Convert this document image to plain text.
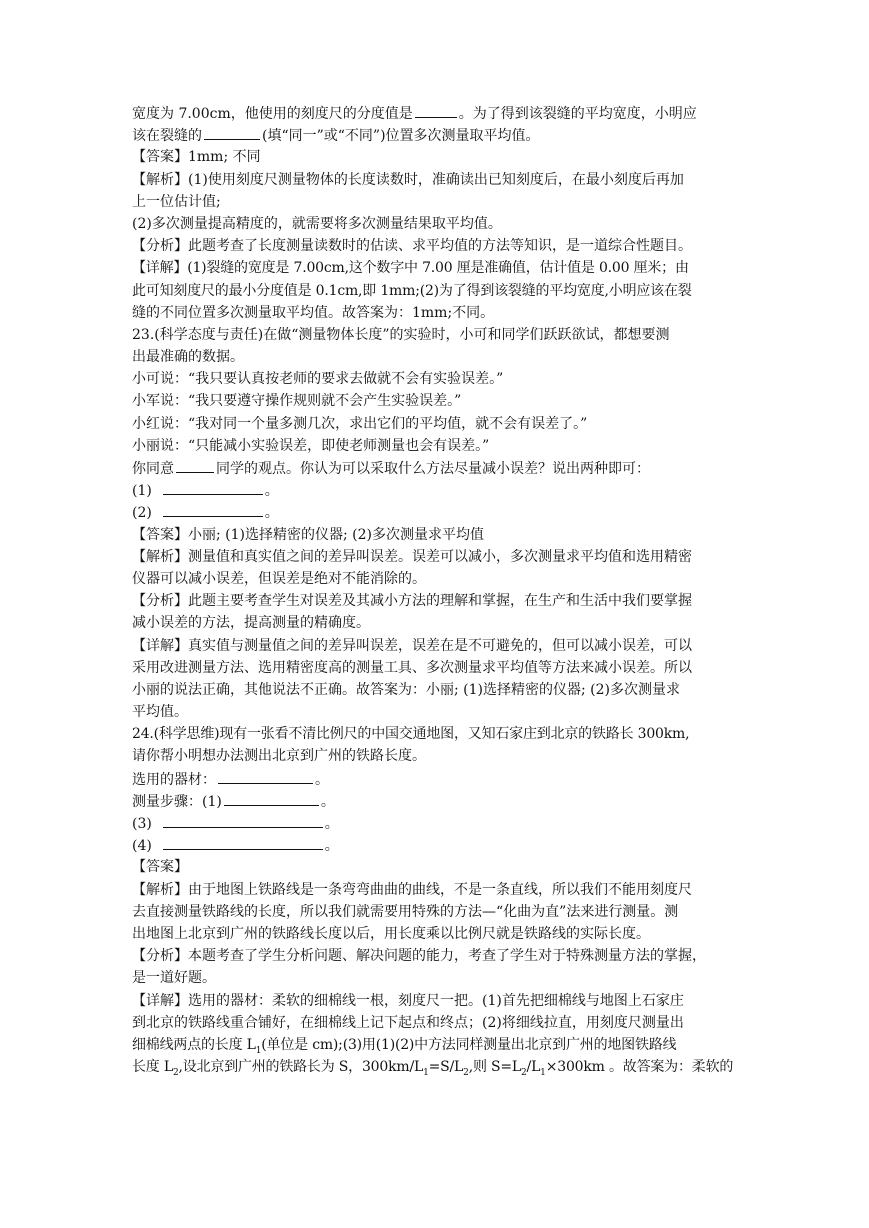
宽度为 7.00cm，他使用的刻度尺的分度值是	。为了得到该裂缝的平均宽度，小明应
该在裂缝的	(填“同一”或“不同”)位置多次测量取平均值。
【答案】1mm; 不同
【解析】(1)使用刻度尺测量物体的长度读数时，准确读出已知刻度后，在最小刻度后再加
上一位估计值;
(2)多次测量提高精度的，就需要将多次测量结果取平均值。
【分析】此题考查了长度测量读数时的估读、求平均值的方法等知识，是一道综合性题目。
【详解】(1)裂缝的宽度是 7.00cm,这个数字中 7.00 厘是准确值，估计值是 0.00 厘米；由
此可知刻度尺的最小分度值是 0.1cm,即 1mm;(2)为了得到该裂缝的平均宽度,小明应该在裂
缝的不同位置多次测量取平均值。故答案为：1mm;不同。
23.(科学态度与责任)在做“测量物体长度”的实验时，小可和同学们跃跃欲试，都想要测
出最准确的数据。
小可说：“我只要认真按老师的要求去做就不会有实验误差。”
小军说：“我只要遵守操作规则就不会产生实验误差。”
小红说：“我对同一个量多测几次，求出它们的平均值，就不会有误差了。”
小丽说：“只能减小实验误差，即使老师测量也会有误差。”
你同意	同学的观点。你认为可以采取什么方法尽量减小误差？说出两种即可：
(1)	。
(2)	。
【答案】小丽; (1)选择精密的仪器; (2)多次测量求平均值
【解析】测量值和真实值之间的差异叫误差。误差可以减小，多次测量求平均值和选用精密
仪器可以减小误差，但误差是绝对不能消除的。
【分析】此题主要考查学生对误差及其减小方法的理解和掌握，在生产和生活中我们要掌握
减小误差的方法，提高测量的精确度。
【详解】真实值与测量值之间的差异叫误差，误差在是不可避免的，但可以减小误差，可以
采用改进测量方法、选用精密度高的测量工具、多次测量求平均值等方法来减小误差。所以
小丽的说法正确，其他说法不正确。故答案为：小丽; (1)选择精密的仪器; (2)多次测量求
平均值。
24.(科学思维)现有一张看不清比例尺的中国交通地图，又知石家庄到北京的铁路长 300km,
请你帮小明想办法测出北京到广州的铁路长度。
选用的器材：	。
测量步骤：(1)	。
(3)	。
(4)	。
【答案】
【解析】由于地图上铁路线是一条弯弯曲曲的曲线，不是一条直线，所以我们不能用刻度尺
去直接测量铁路线的长度，所以我们就需要用特殊的方法—“化曲为直”法来进行测量。测
出地图上北京到广州的铁路线长度以后，用长度乘以比例尺就是铁路线的实际长度。
【分析】本题考查了学生分析问题、解决问题的能力，考查了学生对于特殊测量方法的掌握，
是一道好题。
【详解】选用的器材：柔软的细棉线一根，刻度尺一把。(1)首先把细棉线与地图上石家庄
到北京的铁路线重合铺好，在细棉线上记下起点和终点；(2)将细线拉直，用刻度尺测量出
细棉线两点的长度 $L_1$(单位是 cm);(3)用(1)(2)中方法同样测量出北京到广州的地图铁路线
长度 $L_2$,设北京到广州的铁路长为 S，$300km/L_1=S/L_2$,则 $S=L_2/L_1\times 300km$ 。故答案为：柔软的
